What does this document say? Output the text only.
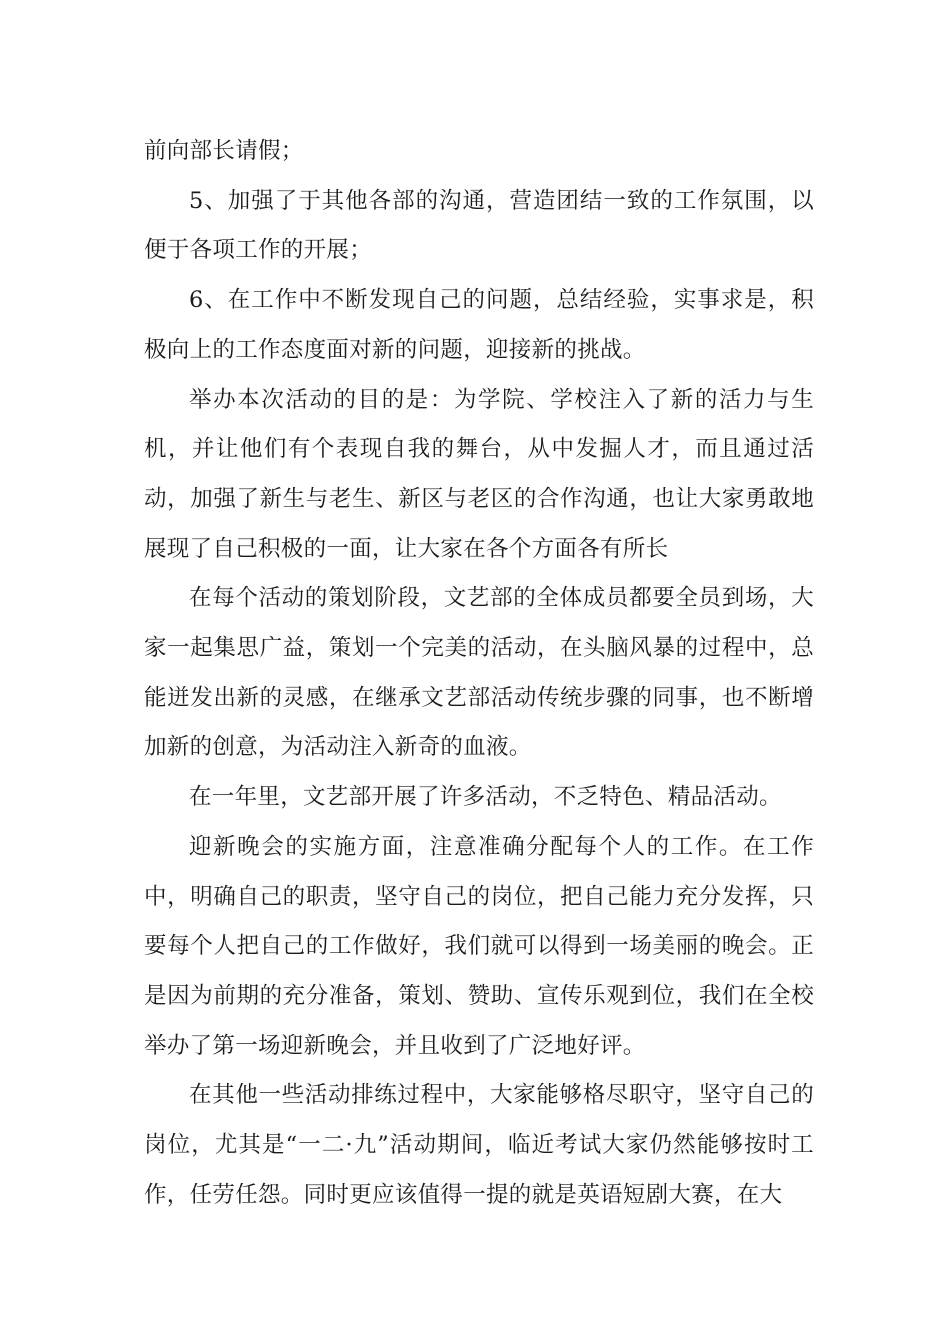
前向部长请假；

5、加强了于其他各部的沟通，营造团结一致的工作氛围，以便于各项工作的开展；

6、在工作中不断发现自己的问题，总结经验，实事求是，积极向上的工作态度面对新的问题，迎接新的挑战。

举办本次活动的目的是：为学院、学校注入了新的活力与生机，并让他们有个表现自我的舞台，从中发掘人才，而且通过活动，加强了新生与老生、新区与老区的合作沟通，也让大家勇敢地展现了自己积极的一面，让大家在各个方面各有所长

在每个活动的策划阶段，文艺部的全体成员都要全员到场，大家一起集思广益，策划一个完美的活动，在头脑风暴的过程中，总能迸发出新的灵感，在继承文艺部活动传统步骤的同事，也不断增加新的创意，为活动注入新奇的血液。

在一年里，文艺部开展了许多活动，不乏特色、精品活动。

迎新晚会的实施方面，注意准确分配每个人的工作。在工作中，明确自己的职责，坚守自己的岗位，把自己能力充分发挥，只要每个人把自己的工作做好，我们就可以得到一场美丽的晚会。正是因为前期的充分准备，策划、赞助、宣传乐观到位，我们在全校举办了第一场迎新晚会，并且收到了广泛地好评。

在其他一些活动排练过程中，大家能够格尽职守，坚守自己的岗位，尤其是“一二·九”活动期间，临近考试大家仍然能够按时工作，任劳任怨。同时更应该值得一提的就是英语短剧大赛，在大
